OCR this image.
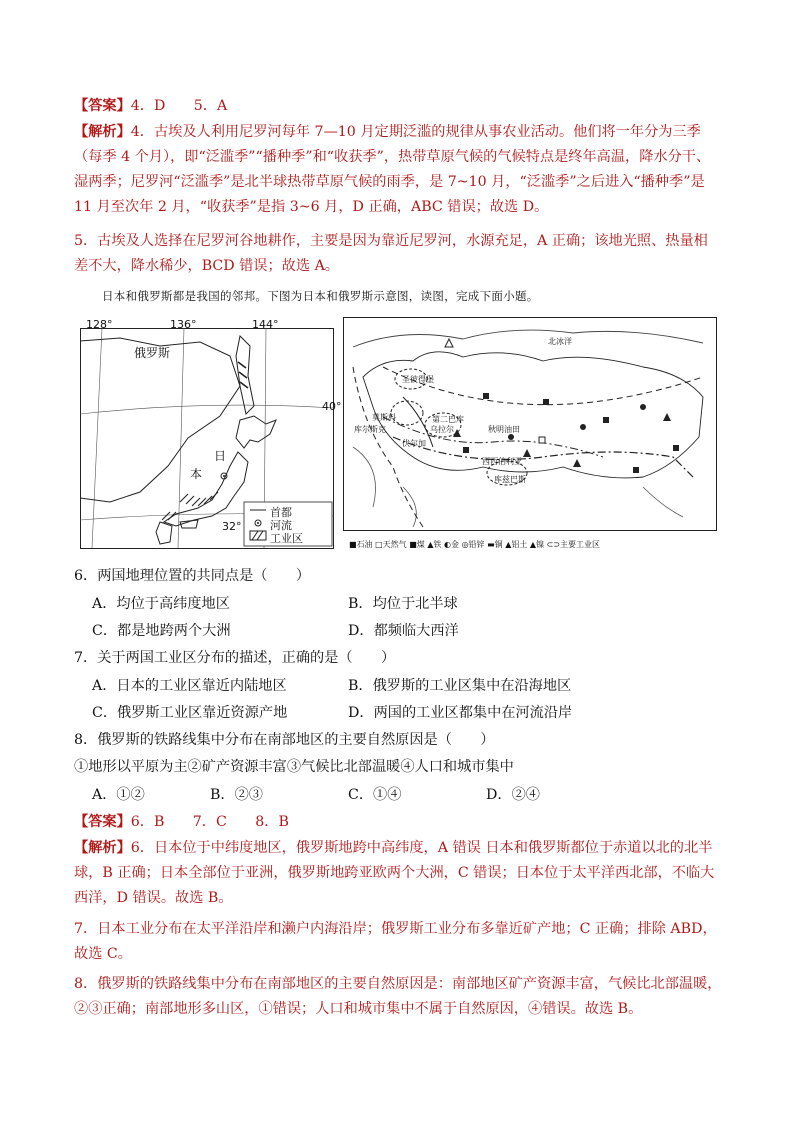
【答案】4．D　　5．A
【解析】4．古埃及人利用尼罗河每年 7—10 月定期泛滥的规律从事农业活动。他们将一年分为三季（每季 4 个月），即“泛滥季”“播种季”和“收获季”，热带草原气候的气候特点是终年高温，降水分干、湿两季；尼罗河“泛滥季”是北半球热带草原气候的雨季，是 7~10 月，“泛滥季”之后进入“播种季”是 11 月至次年 2 月，“收获季”是指 3~6 月，D 正确，ABC 错误；故选 D。
5．古埃及人选择在尼罗河谷地耕作，主要是因为靠近尼罗河，水源充足，A 正确；该地光照、热量相差不大，降水稀少，BCD 错误；故选 A。
日本和俄罗斯都是我国的邻邦。下图为日本和俄罗斯示意图，读图，完成下面小题。
128°	136°	144°
40°
32°
俄罗斯
日
本
首都
河流
工业区
北冰洋
圣彼得堡
莫斯科	第二巴库
秋明油田
库尔斯克	乌拉尔
伏尔加
西西伯利亚
库兹巴斯
■石油 □天然气 ■煤 ▲铁 ◐金 ◎铅锌 ▬铜 ▲铝土 ▲镍 ⊂⊃主要工业区
6．两国地理位置的共同点是（　　）
A．均位于高纬度地区	B．均位于北半球
C．都是地跨两个大洲	D．都频临大西洋
7．关于两国工业区分布的描述，正确的是（　　）
A．日本的工业区靠近内陆地区	B．俄罗斯的工业区集中在沿海地区
C．俄罗斯工业区靠近资源产地	D．两国的工业区都集中在河流沿岸
8．俄罗斯的铁路线集中分布在南部地区的主要自然原因是（　　）
①地形以平原为主②矿产资源丰富③气候比北部温暖④人口和城市集中
A．①②	B．②③	C．①④	D．②④
【答案】6．B　　7．C　　8．B
【解析】6．日本位于中纬度地区，俄罗斯地跨中高纬度，A 错误 日本和俄罗斯都位于赤道以北的北半球，B 正确；日本全部位于亚洲，俄罗斯地跨亚欧两个大洲，C 错误；日本位于太平洋西北部，不临大西洋，D 错误。故选 B。
7．日本工业分布在太平洋沿岸和濑户内海沿岸；俄罗斯工业分布多靠近矿产地；C 正确；排除 ABD，故选 C。
8．俄罗斯的铁路线集中分布在南部地区的主要自然原因是：南部地区矿产资源丰富，气候比北部温暖，②③正确；南部地形多山区，①错误；人口和城市集中不属于自然原因，④错误。故选 B。
